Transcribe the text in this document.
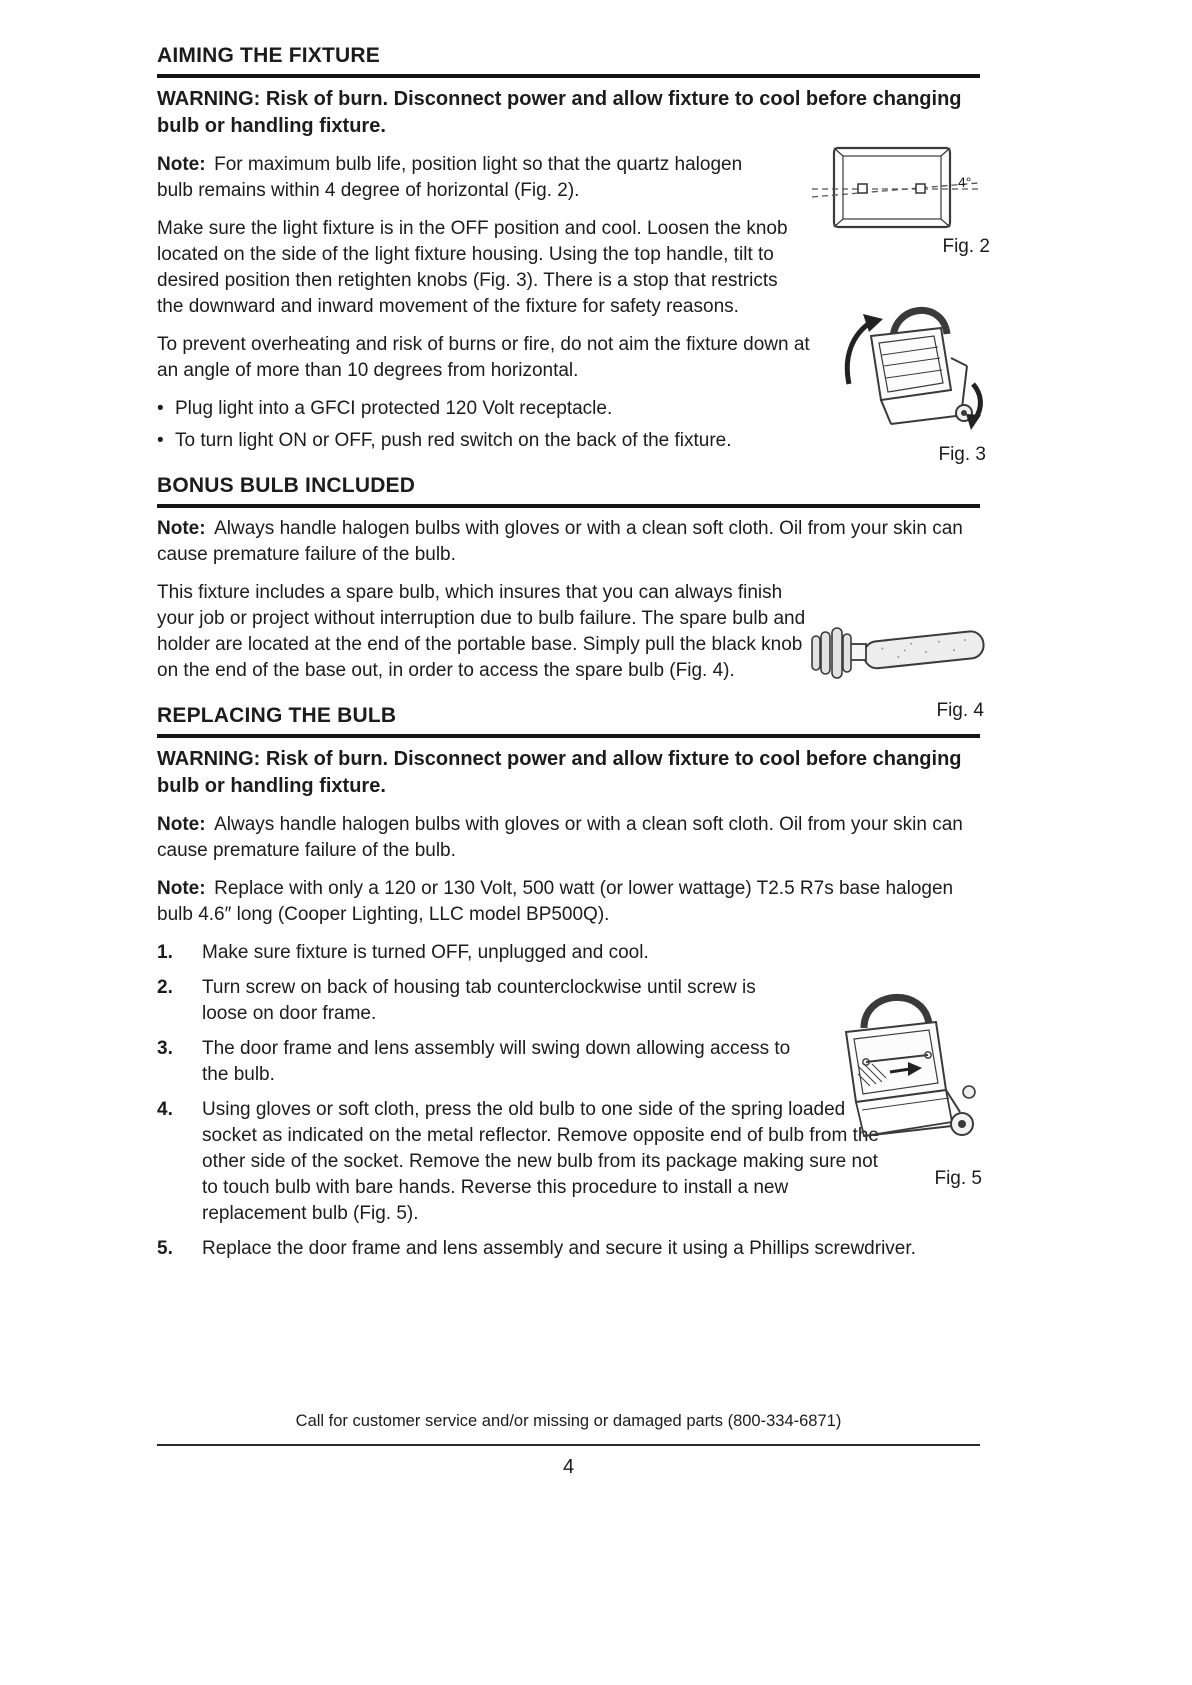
AIMING THE FIXTURE

WARNING: Risk of burn. Disconnect power and allow fixture to cool before changing bulb or handling fixture.

Note: For maximum bulb life, position light so that the quartz halogen bulb remains within 4 degree of horizontal (Fig. 2).

Make sure the light fixture is in the OFF position and cool. Loosen the knob located on the side of the light fixture housing. Using the top handle, tilt to desired position then retighten knobs (Fig. 3). There is a stop that restricts the downward and inward movement of the fixture for safety reasons.

To prevent overheating and risk of burns or fire, do not aim the fixture down at an angle of more than 10 degrees from horizontal.

• Plug light into a GFCI protected 120 Volt receptacle.
• To turn light ON or OFF, push red switch on the back of the fixture.
BONUS BULB INCLUDED

Note: Always handle halogen bulbs with gloves or with a clean soft cloth. Oil from your skin can cause premature failure of the bulb.

This fixture includes a spare bulb, which insures that you can always finish your job or project without interruption due to bulb failure. The spare bulb and holder are located at the end of the portable base. Simply pull the black knob on the end of the base out, in order to access the spare bulb (Fig. 4).

REPLACING THE BULB

WARNING: Risk of burn. Disconnect power and allow fixture to cool before changing bulb or handling fixture.

Note: Always handle halogen bulbs with gloves or with a clean soft cloth. Oil from your skin can cause premature failure of the bulb.

Note: Replace with only a 120 or 130 Volt, 500 watt (or lower wattage) T2.5 R7s base halogen bulb 4.6″ long (Cooper Lighting, LLC model BP500Q).

1.	Make sure fixture is turned OFF, unplugged and cool.
2.	Turn screw on back of housing tab counterclockwise until screw is loose on door frame.
3.	The door frame and lens assembly will swing down allowing access to the bulb.
4.	Using gloves or soft cloth, press the old bulb to one side of the spring loaded socket as indicated on the metal reflector. Remove opposite end of bulb from the other side of the socket. Remove the new bulb from its package making sure not to touch bulb with bare hands. Reverse this procedure to install a new replacement bulb (Fig. 5).
5.	Replace the door frame and lens assembly and secure it using a Phillips screwdriver.
4°
Fig. 2
Fig. 3
Fig. 4
Fig. 5
Call for customer service and/or missing or damaged parts (800-334-6871)
4
